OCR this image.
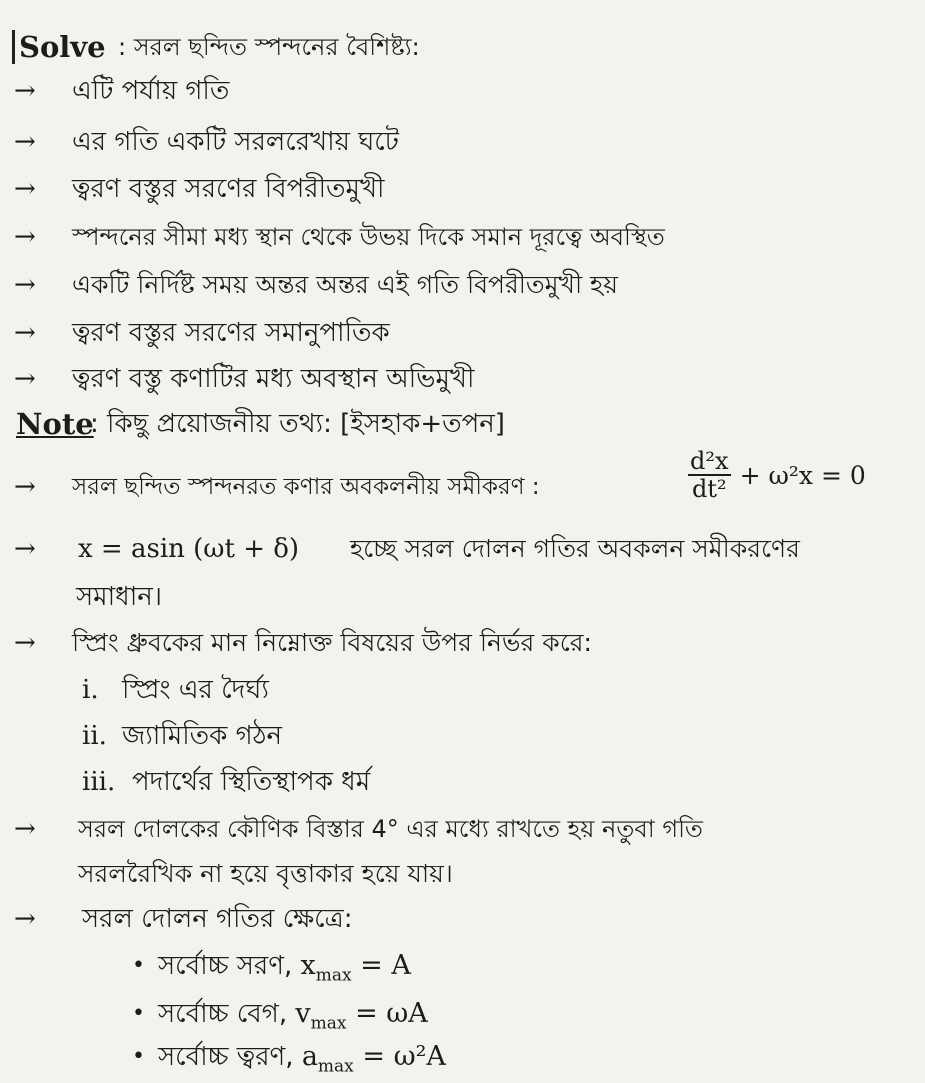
Solve : সরল ছন্দিত স্পন্দনের বৈশিষ্ট্য:
→ এটি পর্যায় গতি
→ এর গতি একটি সরলরেখায় ঘটে
→ ত্বরণ বস্তুর সরণের বিপরীতমুখী
→ স্পন্দনের সীমা মধ্য স্থান থেকে উভয় দিকে সমান দূরত্বে অবস্থিত
→ একটি নির্দিষ্ট সময় অন্তর অন্তর এই গতি বিপরীতমুখী হয়
→ ত্বরণ বস্তুর সরণের সমানুপাতিক
→ ত্বরণ বস্তু কণাটির মধ্য অবস্থান অভিমুখী
Note
: কিছু প্রয়োজনীয় তথ্য: [ইসহাক+তপন]
→ সরল ছন্দিত স্পন্দনরত কণার অবকলনীয় সমীকরণ :	$\frac{\text{d²x}}{\text{dt²}} + \omega^2x = 0$
→ x = asin (ωt + δ) হচ্ছে সরল দোলন গতির অবকলন সমীকরণের
সমাধান।
→ স্প্রিং ধ্রুবকের মান নিম্নোক্ত বিষয়ের উপর নির্ভর করে:
i. স্প্রিং এর দৈর্ঘ্য
ii. জ্যামিতিক গঠন
iii. পদার্থের স্থিতিস্থাপক ধর্ম
→ সরল দোলকের কৌণিক বিস্তার 4° এর মধ্যে রাখতে হয় নতুবা গতি
সরলরৈখিক না হয়ে বৃত্তাকার হয়ে যায়।
→ সরল দোলন গতির ক্ষেত্রে:
• সর্বোচ্চ সরণ, $x_{max} = A$
• সর্বোচ্চ বেগ, $v_{max} = \omega A$
• সর্বোচ্চ ত্বরণ, $a_{max} = \omega^2A$
